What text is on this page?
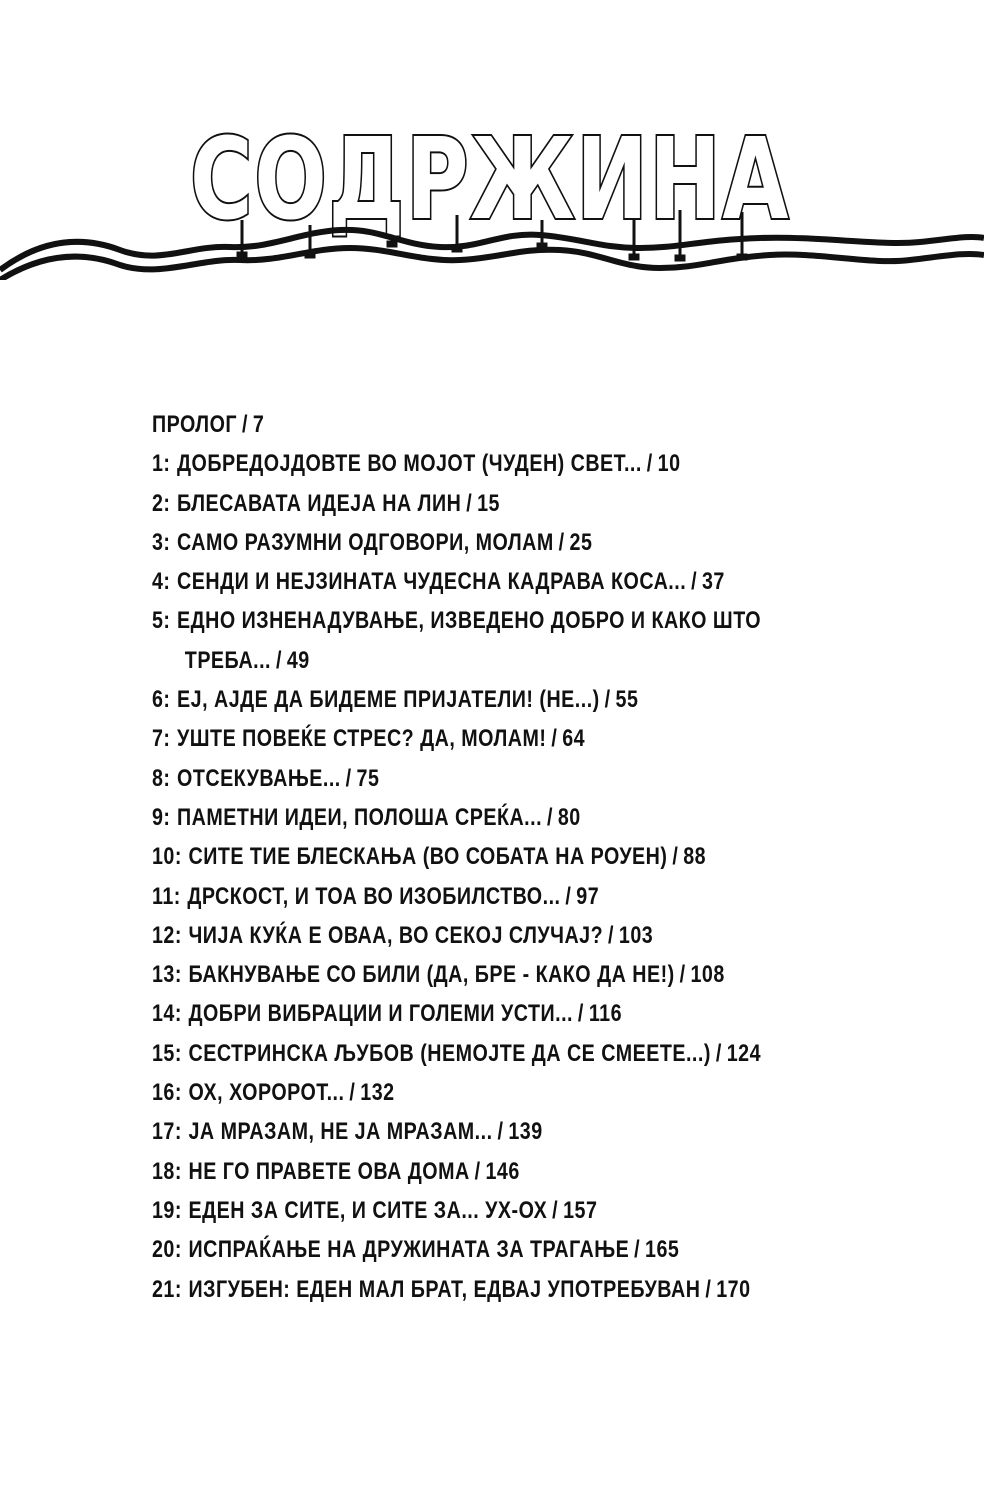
СОДРЖИНА
ПРОЛОГ / 7
1: ДОБРЕДОЈДОВТЕ ВО МОЈОТ (ЧУДЕН) СВЕТ... / 10
2: БЛЕСАВАТА ИДЕЈА НА ЛИН / 15
3: САМО РАЗУМНИ ОДГОВОРИ, МОЛАМ / 25
4: СЕНДИ И НЕЈЗИНАТА ЧУДЕСНА КАДРАВА КОСА... / 37
5: ЕДНО ИЗНЕНАДУВАЊЕ, ИЗВЕДЕНО ДОБРО И КАКО ШТО
ТРЕБА... / 49
6: ЕЈ, АЈДЕ ДА БИДЕМЕ ПРИЈАТЕЛИ! (НЕ...) / 55
7: УШТЕ ПОВЕЌЕ СТРЕС? ДА, МОЛАМ! / 64
8: ОТСЕКУВАЊЕ... / 75
9: ПАМЕТНИ ИДЕИ, ПОЛОША СРЕЌА... / 80
10: СИТЕ ТИЕ БЛЕСКАЊА (ВО СОБАТА НА РОУЕН) / 88
11: ДРСКОСТ, И ТОА ВО ИЗОБИЛСТВО... / 97
12: ЧИЈА КУЌА Е ОВАА, ВО СЕКОЈ СЛУЧАЈ? / 103
13: БАКНУВАЊЕ СО БИЛИ (ДА, БРЕ - КАКО ДА НЕ!) / 108
14: ДОБРИ ВИБРАЦИИ И ГОЛЕМИ УСТИ... / 116
15: СЕСТРИНСКА ЉУБОВ (НЕМОЈТЕ ДА СЕ СМЕЕТЕ...) / 124
16: ОХ, ХОРОРОТ... / 132
17: ЈА МРАЗАМ, НЕ ЈА МРАЗАМ... / 139
18: НЕ ГО ПРАВЕТЕ ОВА ДОМА / 146
19: ЕДЕН ЗА СИТЕ, И СИТЕ ЗА... УХ-ОХ / 157
20: ИСПРАЌАЊЕ НА ДРУЖИНАТА ЗА ТРАГАЊЕ / 165
21: ИЗГУБЕН: ЕДЕН МАЛ БРАТ, ЕДВАЈ УПОТРЕБУВАН / 170
